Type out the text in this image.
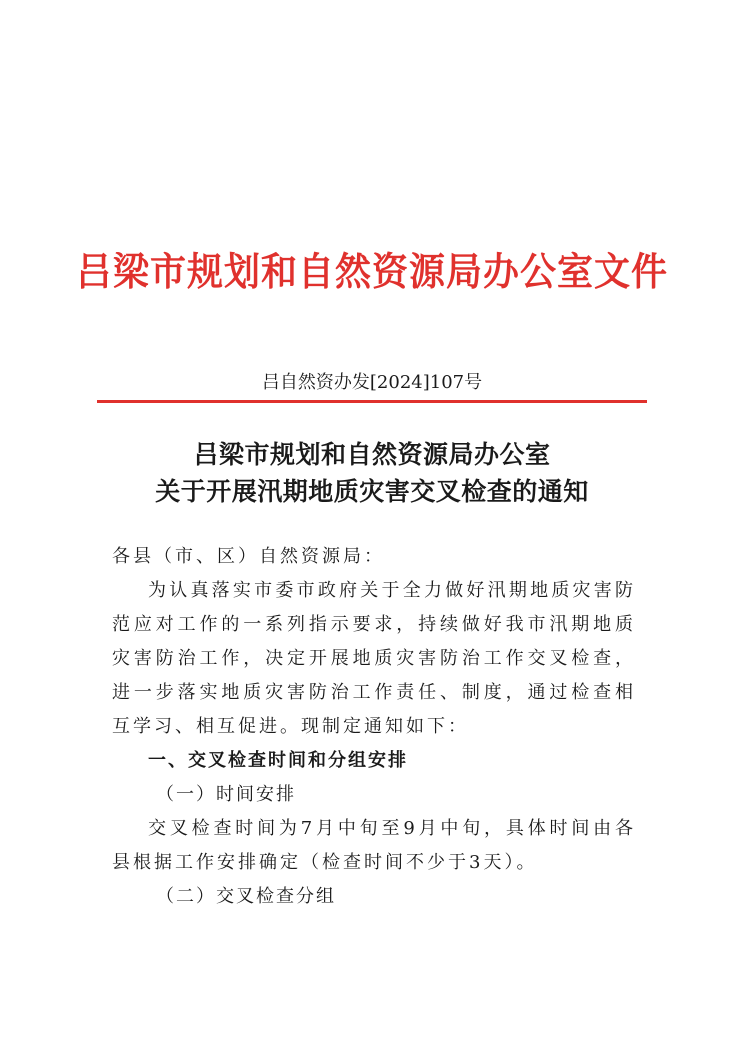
吕梁市规划和自然资源局办公室文件
吕自然资办发[2024]107号
吕梁市规划和自然资源局办公室
关于开展汛期地质灾害交叉检查的通知

各县（市、区）自然资源局：

为认真落实市委市政府关于全力做好汛期地质灾害防范应对工作的一系列指示要求，持续做好我市汛期地质灾害防治工作，决定开展地质灾害防治工作交叉检查，进一步落实地质灾害防治工作责任、制度，通过检查相互学习、相互促进。现制定通知如下：

一、交叉检查时间和分组安排

（一）时间安排

交叉检查时间为7月中旬至9月中旬，具体时间由各县根据工作安排确定（检查时间不少于3天）。

（二）交叉检查分组
